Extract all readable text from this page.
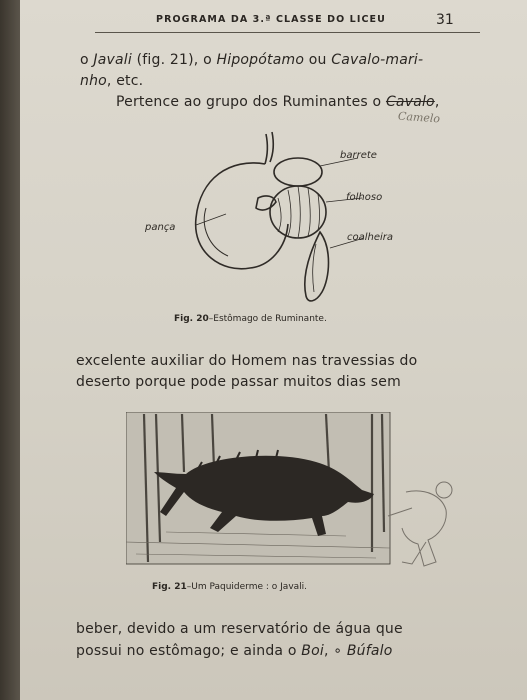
PROGRAMA DA 3.ª CLASSE DO LICEU	31
o Javali (fig. 21), o Hipopótamo ou Cavalo-mari-
nho, etc.
Pertence ao grupo dos Ruminantes o Cavalo,
Camelo
barrete
folhoso
pança
coalheira
Fig. 20–Estômago de Ruminante.
excelente auxiliar do Homem nas travessias do
deserto porque pode passar muitos dias sem
Fig. 21–Um Paquiderme : o Javali.
beber, devido a um reservatório de água que
possui no estômago; e ainda o Boi, ∘ Búfalo
